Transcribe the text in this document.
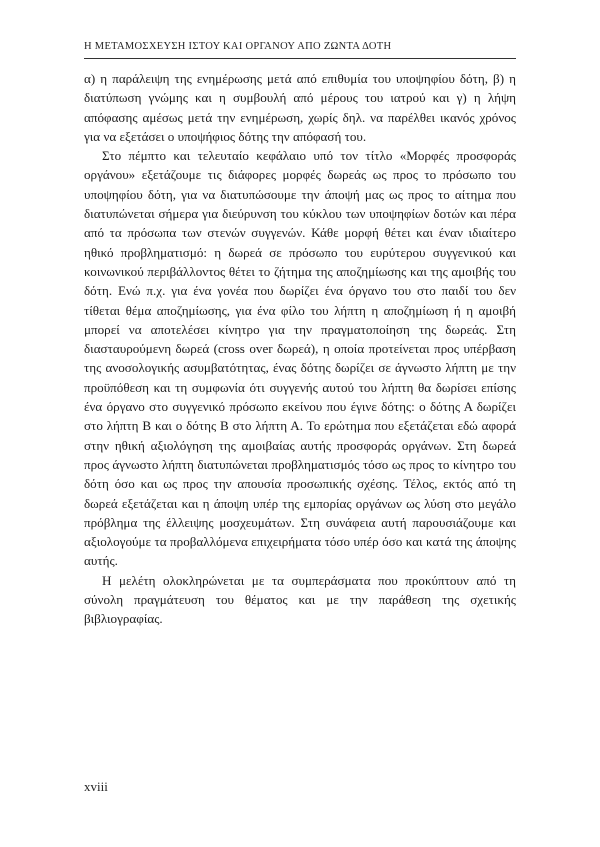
Η ΜΕΤΑΜΟΣΧΕΥΣΗ ΙΣΤΟΥ ΚΑΙ ΟΡΓΑΝΟΥ ΑΠΟ ΖΩΝΤΑ ΔΟΤΗ

α) η παράλειψη της ενημέρωσης μετά από επιθυμία του υποψηφίου δότη, β) η διατύπωση γνώμης και η συμβουλή από μέρους του ιατρού και γ) η λήψη απόφασης αμέσως μετά την ενημέρωση, χωρίς δηλ. να παρέλθει ικανός χρόνος για να εξετάσει ο υποψήφιος δότης την απόφασή του.

Στο πέμπτο και τελευταίο κεφάλαιο υπό τον τίτλο «Μορφές προσφοράς οργάνου» εξετάζουμε τις διάφορες μορφές δωρεάς ως προς το πρόσωπο του υποψηφίου δότη, για να διατυπώσουμε την άποψή μας ως προς το αίτημα που διατυπώνεται σήμερα για διεύρυνση του κύκλου των υποψηφίων δοτών και πέρα από τα πρόσωπα των στενών συγγενών. Κάθε μορφή θέτει και έναν ιδιαίτερο ηθικό προβληματισμό: η δωρεά σε πρόσωπο του ευρύτερου συγγενικού και κοινωνικού περιβάλλοντος θέτει το ζήτημα της αποζημίωσης και της αμοιβής του δότη. Ενώ π.χ. για ένα γονέα που δωρίζει ένα όργανο του στο παιδί του δεν τίθεται θέμα αποζημίωσης, για ένα φίλο του λήπτη η αποζημίωση ή η αμοιβή μπορεί να αποτελέσει κίνητρο για την πραγματοποίηση της δωρεάς. Στη διασταυρούμενη δωρεά (cross over δωρεά), η οποία προτείνεται προς υπέρβαση της ανοσολογικής ασυμβατότητας, ένας δότης δωρίζει σε άγνωστο λήπτη με την προϋπόθεση και τη συμφωνία ότι συγγενής αυτού του λήπτη θα δωρίσει επίσης ένα όργανο στο συγγενικό πρόσωπο εκείνου που έγινε δότης: ο δότης Α δωρίζει στο λήπτη Β και ο δότης Β στο λήπτη Α. Το ερώτημα που εξετάζεται εδώ αφορά στην ηθική αξιολόγηση της αμοιβαίας αυτής προσφοράς οργάνων. Στη δωρεά προς άγνωστο λήπτη διατυπώνεται προβληματισμός τόσο ως προς το κίνητρο του δότη όσο και ως προς την απουσία προσωπικής σχέσης. Τέλος, εκτός από τη δωρεά εξετάζεται και η άποψη υπέρ της εμπορίας οργάνων ως λύση στο μεγάλο πρόβλημα της έλλειψης μοσχευμάτων. Στη συνάφεια αυτή παρουσιάζουμε και αξιολογούμε τα προβαλλόμενα επιχειρήματα τόσο υπέρ όσο και κατά της άποψης αυτής.

Η μελέτη ολοκληρώνεται με τα συμπεράσματα που προκύπτουν από τη σύνολη πραγμάτευση του θέματος και με την παράθεση της σχετικής βιβλιογραφίας.

xviii
